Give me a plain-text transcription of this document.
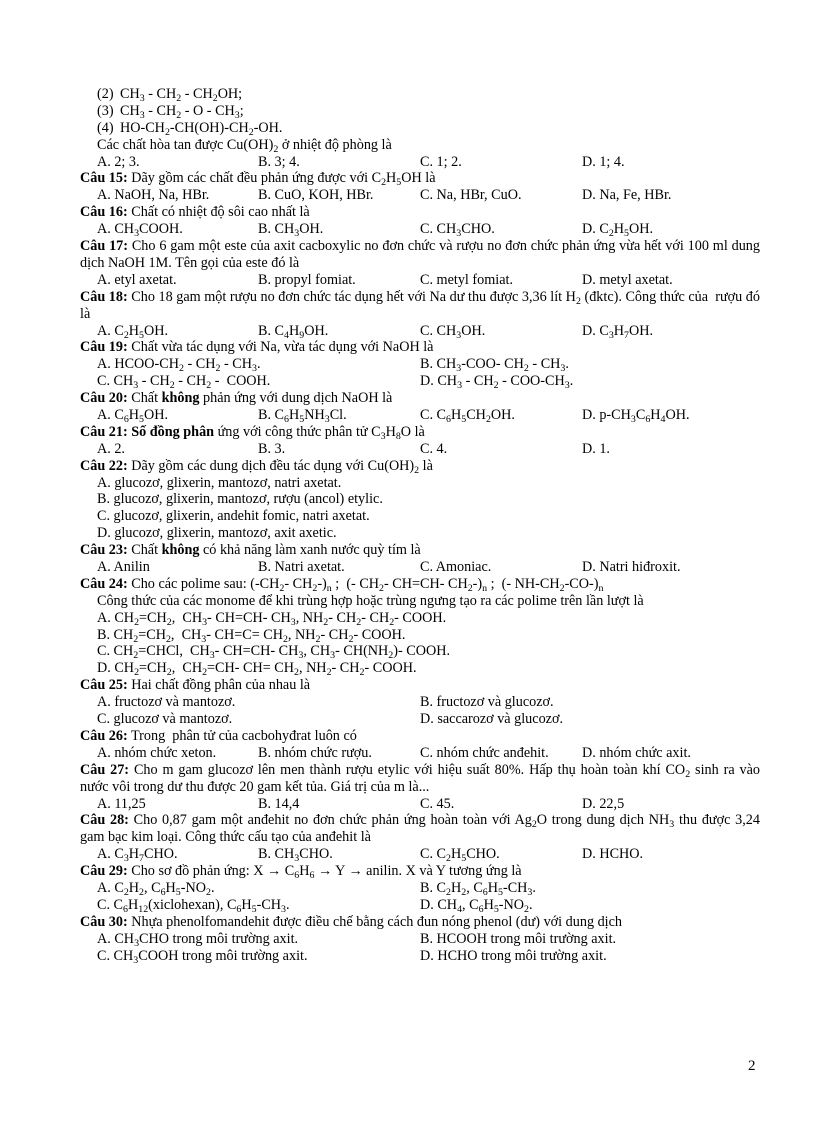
(2) $CH_3 - CH_2 - CH_2OH$;
(3) $CH_3 - CH_2$ - O - $CH_3$;
(4) $HO-CH_2-CH(OH)-CH_2-OH$.
Các chất hòa tan được $Cu(OH)_2$ ở nhiệt độ phòng là
A. 2; 3.	B. 3; 4.	C. 1; 2.	D. 1; 4.
Câu 15: Dãy gồm các chất đều phản ứng được với $C_2H_5OH$ là
A. NaOH, Na, HBr.	B. CuO, KOH, HBr.	C. Na, HBr, CuO.	D. Na, Fe, HBr.
Câu 16: Chất có nhiệt độ sôi cao nhất là
A. $CH_3COOH$.	B. $CH_3OH$.	C. $CH_3CHO$.	D. $C_2H_5OH$.
Câu 17: Cho 6 gam một este của axit cacboxylic no đơn chức và rượu no đơn chức phản ứng vừa hết với 100 ml dung dịch NaOH 1M. Tên gọi của este đó là
A. etyl axetat.	B. propyl fomiat.	C. metyl fomiat.	D. metyl axetat.
Câu 18: Cho 18 gam một rượu no đơn chức tác dụng hết với Na dư thu được 3,36 lít $H_2$ (đktc). Công thức của  rượu đó là
A. $C_2H_5OH$.	B. $C_4H_9OH$.	C. $CH_3OH$.	D. $C_3H_7OH$.
Câu 19: Chất vừa tác dụng với Na, vừa tác dụng với NaOH là
A. HCOO-$CH_2 - CH_2 - CH_3$.	B. $CH_3-COO-$ $CH_2 - CH_3$.
C. $CH_3 - CH_2 - CH_2$ -  COOH.	D. $CH_3 - CH_2 - COO-CH_3$.
Câu 20: Chất không phản ứng với dung dịch NaOH là
A. $C_6H_5OH$.	B. $C_6H_5NH_3Cl$.	C. $C_6H_5CH_2OH$.	D. $p-CH_3C_6H_4OH$.
Câu 21: Số đồng phân ứng với công thức phân tử $C_3H_8O$ là
A. 2.	B. 3.	C. 4.	D. 1.
Câu 22: Dãy gồm các dung dịch đều tác dụng với $Cu(OH)_2$ là
A. glucozơ, glixerin, mantozơ, natri axetat.
B. glucozơ, glixerin, mantozơ, rượu (ancol) etylic.
C. glucozơ, glixerin, andehit fomic, natri axetat.
D. glucozơ, glixerin, mantozơ, axit axetic.
Câu 23: Chất không có khả năng làm xanh nước quỳ tím là
A. Anilin	B. Natri axetat.	C. Amoniac.	D. Natri hiđroxit.
Câu 24: Cho các polime sau: ($-CH_2-$ $CH_2-)_n$ ;  (- $CH_2-$ CH=CH- $CH_2-)_n$ ;  (- $NH-CH_2-CO-)_n$
Công thức của các monome để khi trùng hợp hoặc trùng ngưng tạo ra các polime trên lần lượt là
A. $CH_2=CH_2$,  $CH_3-$ CH=CH- $CH_3$, $NH_2-$ $CH_2-$ $CH_2-$ COOH.
B. $CH_2=CH_2$,  $CH_3-$ $CH=C= CH_2$, $NH_2-$ $CH_2-$ COOH.
C. $CH_2=CHCl$,  $CH_3-$ CH=CH- $CH_3$, $CH_3-$ $CH(NH_2)-$ COOH.
D. $CH_2=CH_2$,  $CH_2=CH-$ $CH= CH_2$, $NH_2-$ $CH_2-$ COOH.
Câu 25: Hai chất đồng phân của nhau là
A. fructozơ và mantozơ.	B. fructozơ và glucozơ.
C. glucozơ và mantozơ.	D. saccarozơ và glucozơ.
Câu 26: Trong  phân tử của cacbohyđrat luôn có
A. nhóm chức xeton.	B. nhóm chức rượu.	C. nhóm chức anđehit. D. nhóm chức axit.
Câu 27: Cho m gam glucozơ lên men thành rượu etylic với hiệu suất 80%. Hấp thụ hoàn toàn khí $CO_2$ sinh ra vào nước vôi trong dư thu được 20 gam kết tủa. Giá trị của m là...
A. 11,25	B. 14,4	C. 45.	D. 22,5
Câu 28: Cho 0,87 gam một anđehit no đơn chức phản ứng hoàn toàn với $Ag_2O$ trong dung dịch $NH_3$ thu được 3,24 gam bạc kim loại. Công thức cấu tạo của anđehit là
A. $C_3H_7CHO$.	B. $CH_3CHO$.	C. $C_2H_5CHO$.	D. HCHO.
Câu 29: Cho sơ đồ phản ứng: $X \to C_6H_6 \to Y$ → anilin. X và Y tương ứng là
A. $C_2H_2$, $C_6H_5-NO_2$.	B. $C_2H_2$, $C_6H_5-CH_3$.
C. $C_6H_{12}(xiclohexan)$, $C_6H_5-CH_3$.	D. $CH_4$, $C_6H_5-NO_2$.
Câu 30: Nhựa phenolfomandehit được điều chế bằng cách đun nóng phenol (dư) với dung dịch
A. $CH_3CHO$ trong môi trường axit.	B. HCOOH trong môi trường axit.
C. $CH_3COOH$ trong môi trường axit.	D. HCHO trong môi trường axit.
2
